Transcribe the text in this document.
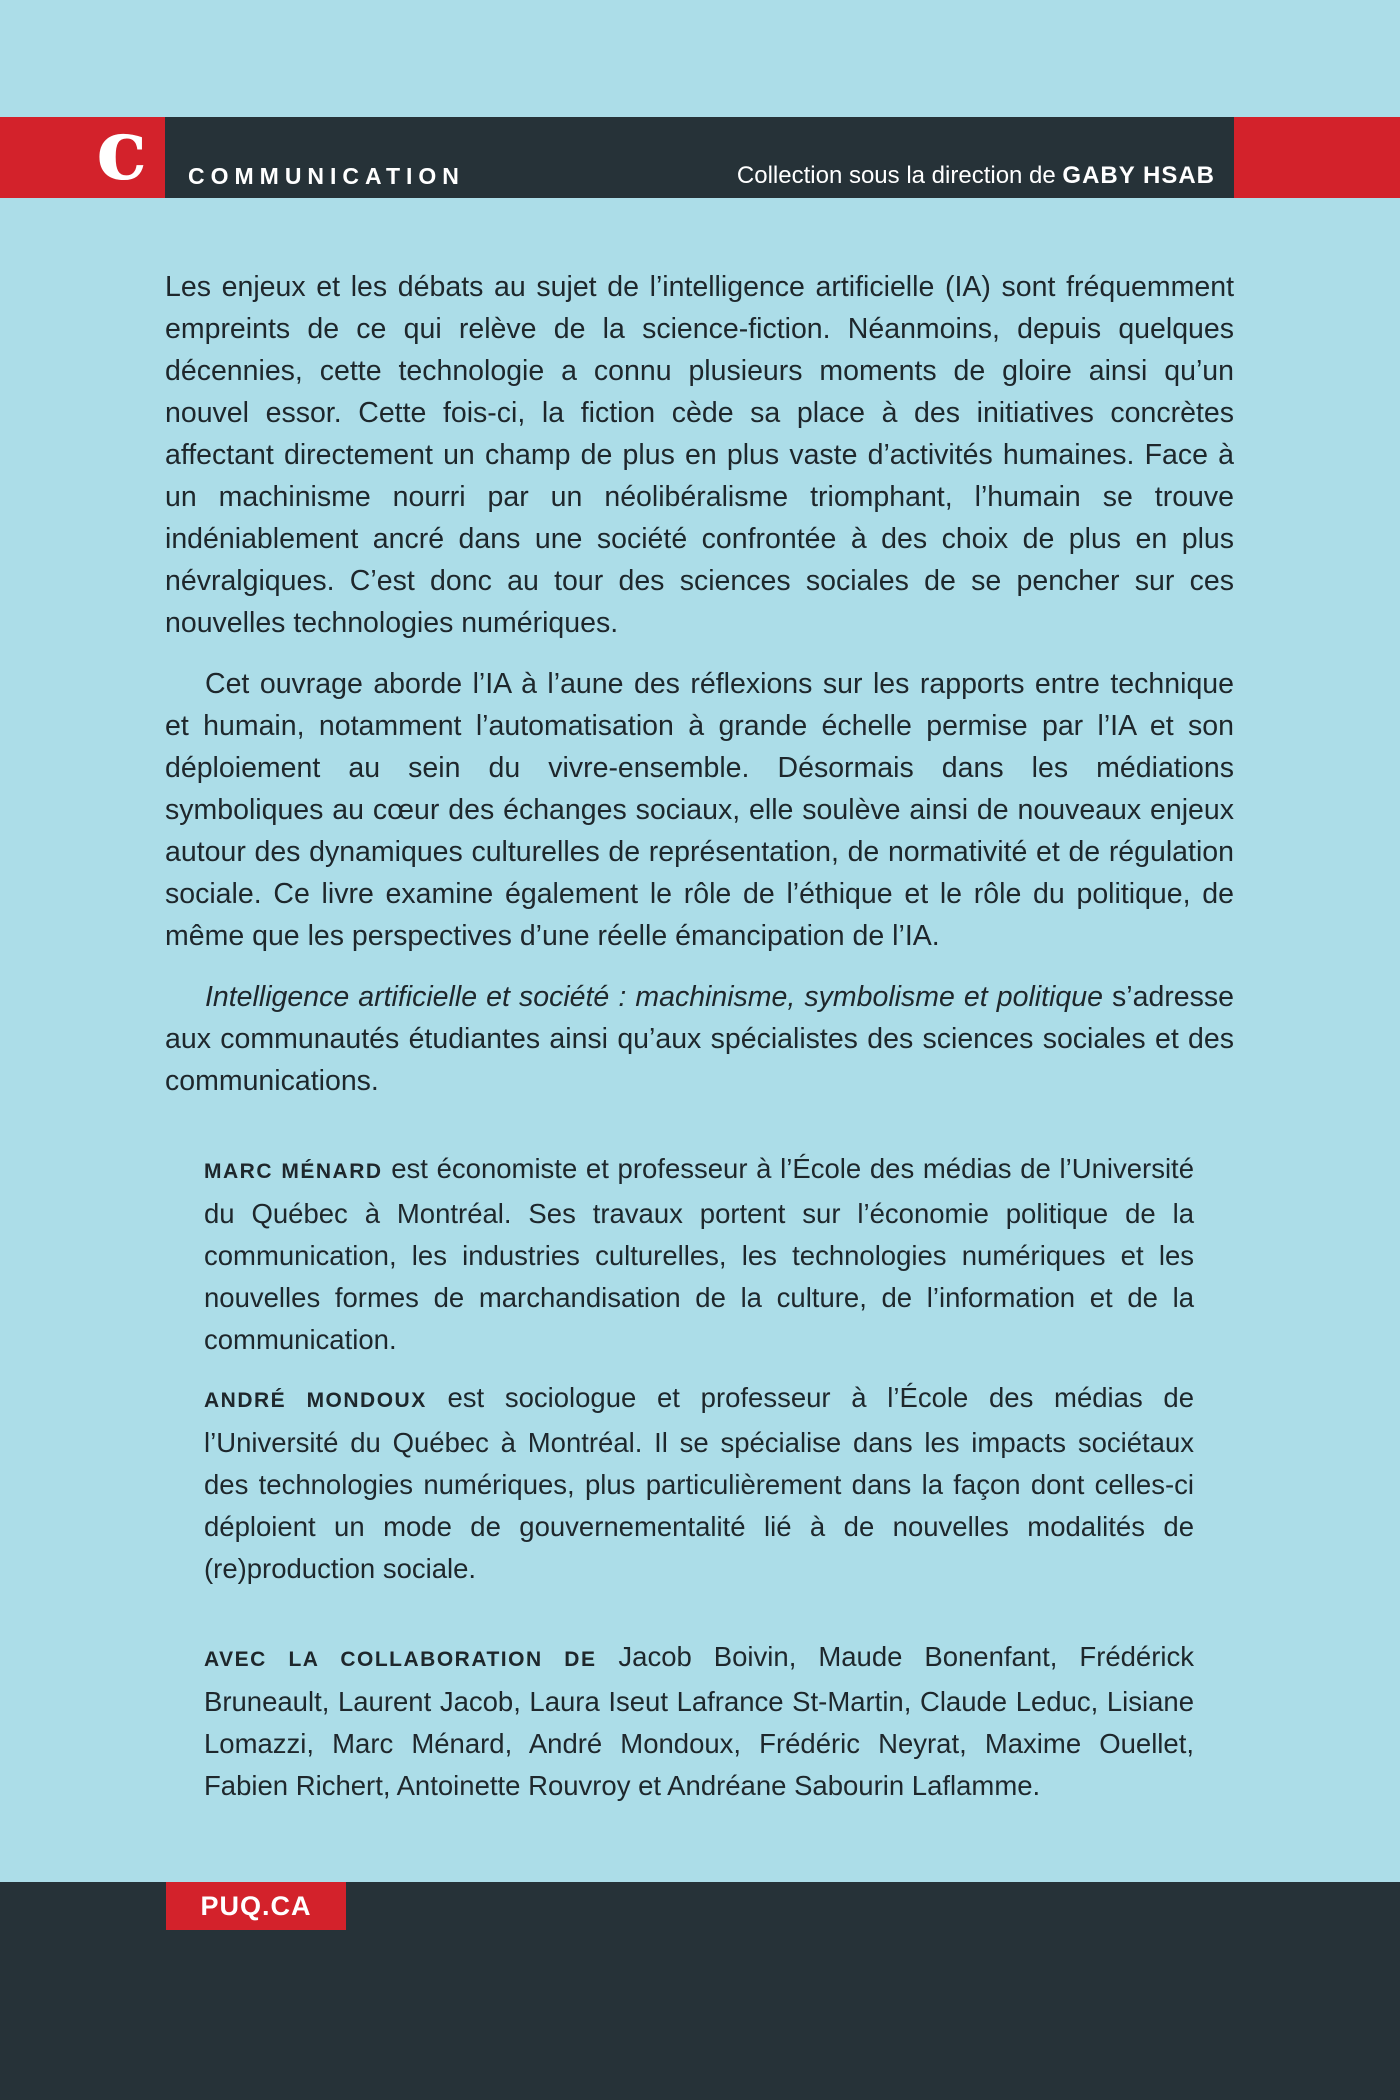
c COMMUNICATION	Collection sous la direction de GABY HSAB

Les enjeux et les débats au sujet de l’intelligence artificielle (IA) sont fréquemment empreints de ce qui relève de la science-fiction. Néanmoins, depuis quelques décennies, cette technologie a connu plusieurs moments de gloire ainsi qu’un nouvel essor. Cette fois-ci, la fiction cède sa place à des initiatives concrètes affectant directement un champ de plus en plus vaste d’activités humaines. Face à un machinisme nourri par un néolibéralisme triomphant, l’humain se trouve indéniablement ancré dans une société confrontée à des choix de plus en plus névralgiques. C’est donc au tour des sciences sociales de se pencher sur ces nouvelles technologies numériques.

Cet ouvrage aborde l’IA à l’aune des réflexions sur les rapports entre technique et humain, notamment l’automatisation à grande échelle permise par l’IA et son déploiement au sein du vivre-ensemble. Désormais dans les médiations symboliques au cœur des échanges sociaux, elle soulève ainsi de nouveaux enjeux autour des dynamiques culturelles de représentation, de normativité et de régulation sociale. Ce livre examine également le rôle de l’éthique et le rôle du politique, de même que les perspectives d’une réelle émancipation de l’IA.

Intelligence artificielle et société : machinisme, symbolisme et politique s’adresse aux communautés étudiantes ainsi qu’aux spécialistes des sciences sociales et des communications.

MARC MÉNARD est économiste et professeur à l’École des médias de l’Université du Québec à Montréal. Ses travaux portent sur l’économie politique de la communication, les industries culturelles, les technologies numériques et les nouvelles formes de marchandisation de la culture, de l’information et de la communication.

ANDRÉ MONDOUX est sociologue et professeur à l’École des médias de l’Université du Québec à Montréal. Il se spécialise dans les impacts sociétaux des technologies numériques, plus particulièrement dans la façon dont celles-ci déploient un mode de gouvernementalité lié à de nouvelles modalités de (re)production sociale.

AVEC LA COLLABORATION DE Jacob Boivin, Maude Bonenfant, Frédérick Bruneault, Laurent Jacob, Laura Iseut Lafrance St-Martin, Claude Leduc, Lisiane Lomazzi, Marc Ménard, André Mondoux, Frédéric Neyrat, Maxime Ouellet, Fabien Richert, Antoinette Rouvroy et Andréane Sabourin Laflamme.

PUQ.CA
